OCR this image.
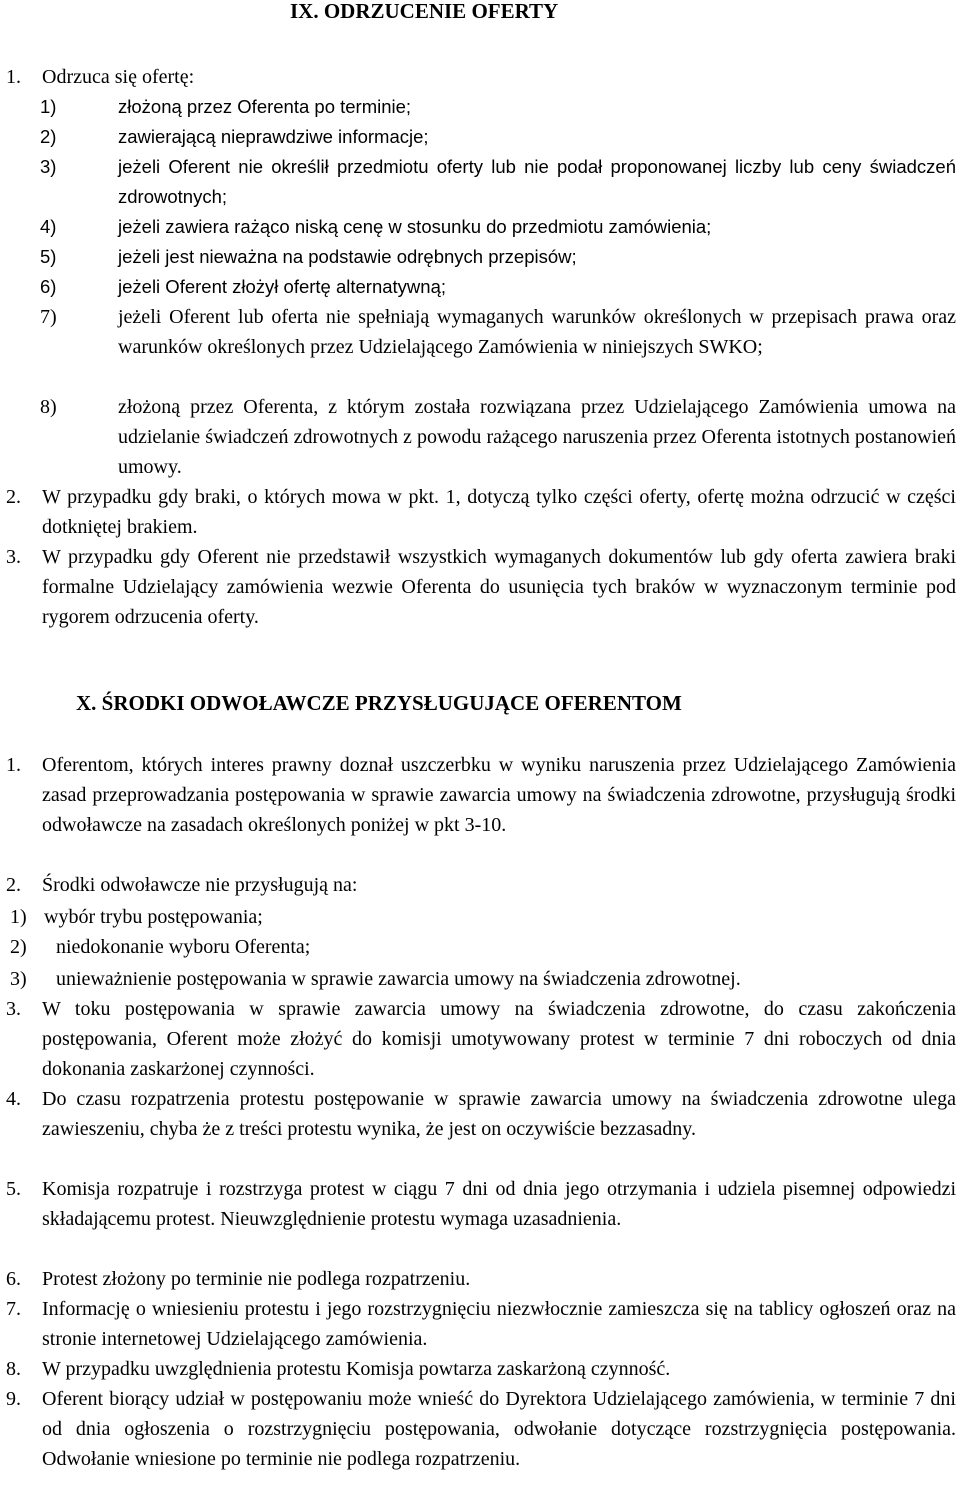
IX. ODRZUCENIE OFERTY
1. Odrzuca się ofertę:
1)	złożoną przez Oferenta po terminie;
2)	zawierającą nieprawdziwe informacje;
3)	jeżeli Oferent nie określił przedmiotu oferty lub nie podał proponowanej liczby lub ceny świadczeń zdrowotnych;
4)	jeżeli zawiera rażąco niską cenę w stosunku do przedmiotu zamówienia;
5)	jeżeli jest nieważna na podstawie odrębnych przepisów;
6)	jeżeli Oferent złożył ofertę alternatywną;
7)	jeżeli Oferent lub oferta nie spełniają wymaganych warunków określonych w przepisach prawa oraz warunków określonych przez Udzielającego Zamówienia w niniejszych SWKO;
8)	złożoną przez Oferenta, z którym została rozwiązana przez Udzielającego Zamówienia umowa na udzielanie świadczeń zdrowotnych z powodu rażącego naruszenia przez Oferenta istotnych postanowień umowy.
2. W przypadku gdy braki, o których mowa w pkt. 1, dotyczą tylko części oferty, ofertę można odrzucić w części dotkniętej brakiem.
3. W przypadku gdy Oferent nie przedstawił wszystkich wymaganych dokumentów lub gdy oferta zawiera braki formalne Udzielający zamówienia wezwie Oferenta do usunięcia tych braków w wyznaczonym terminie pod rygorem odrzucenia oferty.
X. ŚRODKI ODWOŁAWCZE PRZYSŁUGUJĄCE OFERENTOM
1. Oferentom, których interes prawny doznał uszczerbku w wyniku naruszenia przez Udzielającego Zamówienia zasad przeprowadzania postępowania w sprawie zawarcia umowy na świadczenia zdrowotne, przysługują środki odwoławcze na zasadach określonych poniżej w pkt 3-10.
2. Środki odwoławcze nie przysługują na:
1) wybór trybu postępowania;
2) niedokonanie wyboru Oferenta;
3) unieważnienie postępowania w sprawie zawarcia umowy na świadczenia zdrowotnej.
3. W toku postępowania w sprawie zawarcia umowy na świadczenia zdrowotne, do czasu zakończenia postępowania, Oferent może złożyć do komisji umotywowany protest w terminie 7 dni roboczych od dnia dokonania zaskarżonej czynności.
4. Do czasu rozpatrzenia protestu postępowanie w sprawie zawarcia umowy na świadczenia zdrowotne ulega zawieszeniu, chyba że z treści protestu wynika, że jest on oczywiście bezzasadny.
5. Komisja rozpatruje i rozstrzyga protest w ciągu 7 dni od dnia jego otrzymania i udziela pisemnej odpowiedzi składającemu protest. Nieuwzględnienie protestu wymaga uzasadnienia.
6. Protest złożony po terminie nie podlega rozpatrzeniu.
7. Informację o wniesieniu protestu i jego rozstrzygnięciu niezwłocznie zamieszcza się na tablicy ogłoszeń oraz na stronie internetowej Udzielającego zamówienia.
8. W przypadku uwzględnienia protestu Komisja powtarza zaskarżoną czynność.
9. Oferent biorący udział w postępowaniu może wnieść do Dyrektora Udzielającego zamówienia, w terminie 7 dni od dnia ogłoszenia o rozstrzygnięciu postępowania, odwołanie dotyczące rozstrzygnięcia postępowania. Odwołanie wniesione po terminie nie podlega rozpatrzeniu.
